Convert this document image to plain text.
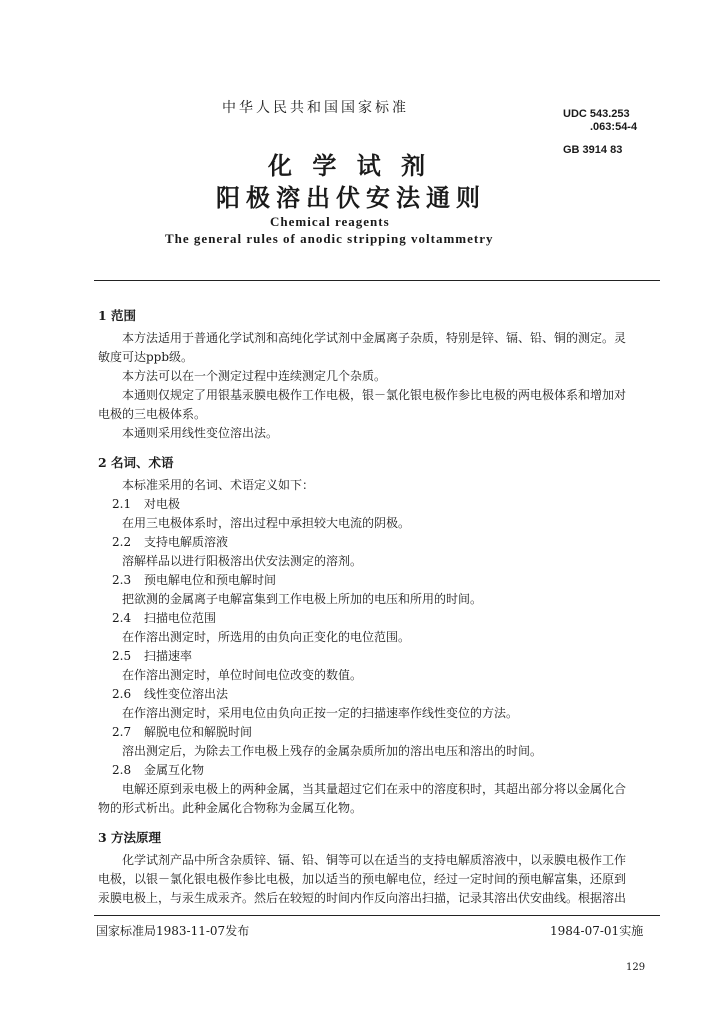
中华人民共和国国家标准	UDC 543.253
.063:54-4
GB 3914 83
化 学 试 剂
阳极溶出伏安法通则
Chemical reagents
The general rules of anodic stripping voltammetry
1 范围
本方法适用于普通化学试剂和高纯化学试剂中金属离子杂质，特别是锌、镉、铅、铜的测定。灵
敏度可达ppb级。
本方法可以在一个测定过程中连续测定几个杂质。
本通则仅规定了用银基汞膜电极作工作电极，银－氯化银电极作参比电极的两电极体系和增加对
电极的三电极体系。
本通则采用线性变位溶出法。
2 名词、术语
本标准采用的名词、术语定义如下：
2.1 对电极
在用三电极体系时，溶出过程中承担较大电流的阴极。
2.2 支持电解质溶液
溶解样品以进行阳极溶出伏安法测定的溶剂。
2.3 预电解电位和预电解时间
把欲测的金属离子电解富集到工作电极上所加的电压和所用的时间。
2.4 扫描电位范围
在作溶出测定时，所选用的由负向正变化的电位范围。
2.5 扫描速率
在作溶出测定时，单位时间电位改变的数值。
2.6 线性变位溶出法
在作溶出测定时，采用电位由负向正按一定的扫描速率作线性变位的方法。
2.7 解脱电位和解脱时间
溶出测定后，为除去工作电极上残存的金属杂质所加的溶出电压和溶出的时间。
2.8 金属互化物
电解还原到汞电极上的两种金属，当其量超过它们在汞中的溶度积时，其超出部分将以金属化合
物的形式析出。此种金属化合物称为金属互化物。
3 方法原理
化学试剂产品中所含杂质锌、镉、铅、铜等可以在适当的支持电解质溶液中，以汞膜电极作工作
电极，以银－氯化银电极作参比电极，加以适当的预电解电位，经过一定时间的预电解富集，还原到
汞膜电极上，与汞生成汞齐。然后在较短的时间内作反向溶出扫描，记录其溶出伏安曲线。根据溶出
国家标准局1983-11-07发布	1984-07-01实施
129
